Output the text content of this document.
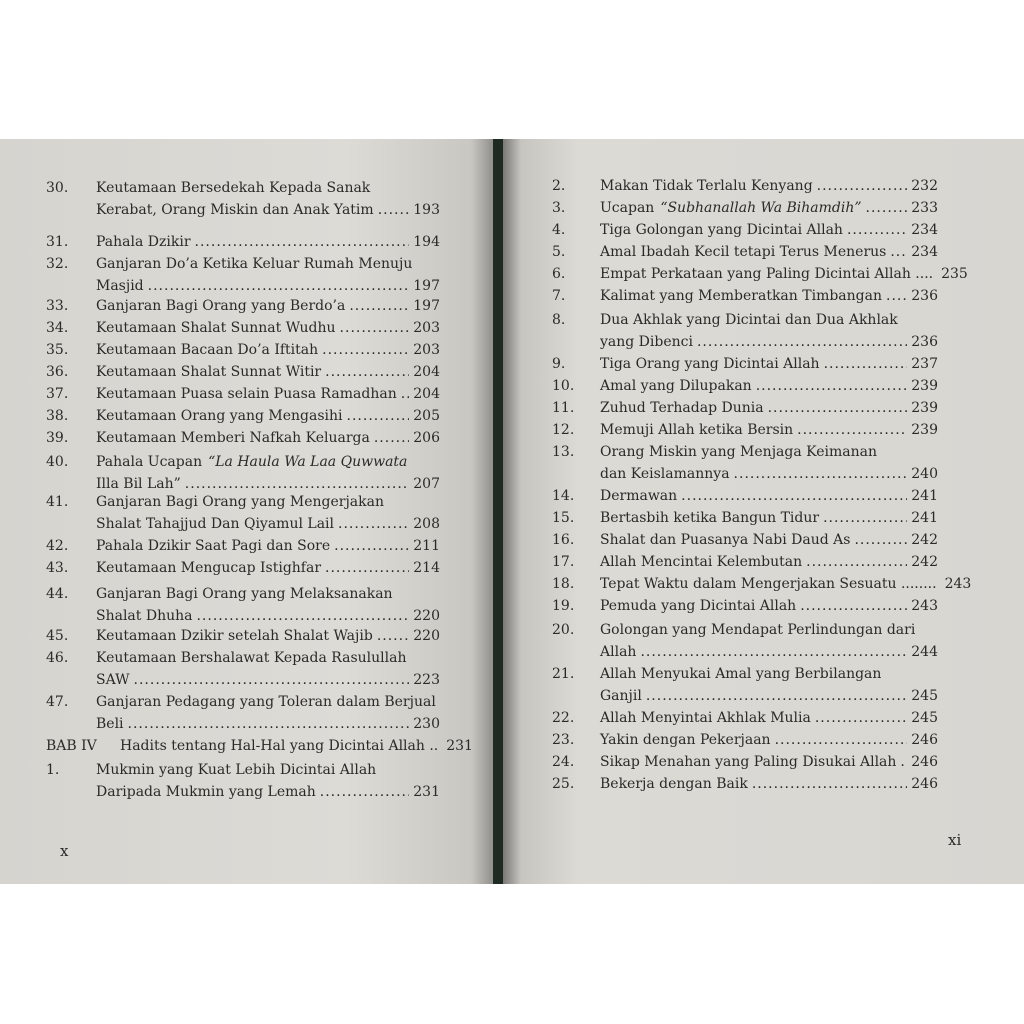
30. Keutamaan Bersedekah Kepada Sanak
Kerabat, Orang Miskin dan Anak Yatim .....	193
31. Pahala Dzikir .....	194
32. Ganjaran Do’a Ketika Keluar Rumah Menuju
Masjid .....	197
33. Ganjaran Bagi Orang yang Berdo’a .....	197
34. Keutamaan Shalat Sunnat Wudhu .....	203
35. Keutamaan Bacaan Do’a Iftitah .....	203
36. Keutamaan Shalat Sunnat Witir .....	204
37. Keutamaan Puasa selain Puasa Ramadhan ..... 204
38. Keutamaan Orang yang Mengasihi .....	205
39. Keutamaan Memberi Nafkah Keluarga .....	206
40. Pahala Ucapan “La Haula Wa Laa Quwwata
Illa Bil Lah” .....	207
41. Ganjaran Bagi Orang yang Mengerjakan
Shalat Tahajjud Dan Qiyamul Lail .....	208
42. Pahala Dzikir Saat Pagi dan Sore .....	211
43. Keutamaan Mengucap Istighfar .....	214
44. Ganjaran Bagi Orang yang Melaksanakan
Shalat Dhuha .....	220
45. Keutamaan Dzikir setelah Shalat Wajib .....	220
46. Keutamaan Bershalawat Kepada Rasulullah
SAW .....	223
47. Ganjaran Pedagang yang Toleran dalam Berjual
Beli .....	230
BAB IV Hadits tentang Hal-Hal yang Dicintai Allah .. 231
1.	Mukmin yang Kuat Lebih Dicintai Allah
Daripada Mukmin yang Lemah .....	231
x
2. Makan Tidak Terlalu Kenyang .....	232
3. Ucapan “Subhanallah Wa Bihamdih” .....	233
4. Tiga Golongan yang Dicintai Allah .....	234
5. Amal Ibadah Kecil tetapi Terus Menerus ..... 234
6. Empat Perkataan yang Paling Dicintai Allah .... 235
7. Kalimat yang Memberatkan Timbangan ..... 236
8. Dua Akhlak yang Dicintai dan Dua Akhlak
yang Dibenci .....	236
9. Tiga Orang yang Dicintai Allah .....	237
10. Amal yang Dilupakan .....	239
11. Zuhud Terhadap Dunia .....	239
12. Memuji Allah ketika Bersin .....	239
13. Orang Miskin yang Menjaga Keimanan
dan Keislamannya .....	240
14. Dermawan .....	241
15. Bertasbih ketika Bangun Tidur .....	241
16. Shalat dan Puasanya Nabi Daud As .....	242
17. Allah Mencintai Kelembutan .....	242
18. Tepat Waktu dalam Mengerjakan Sesuatu ........ 243
19. Pemuda yang Dicintai Allah .....	243
20. Golongan yang Mendapat Perlindungan dari
Allah .....	244
21. Allah Menyukai Amal yang Berbilangan
Ganjil .....	245
22. Allah Menyintai Akhlak Mulia .....	245
23. Yakin dengan Pekerjaan .....	246
24. Sikap Menahan yang Paling Disukai Allah ..... 246
25. Bekerja dengan Baik .....	246
xi
